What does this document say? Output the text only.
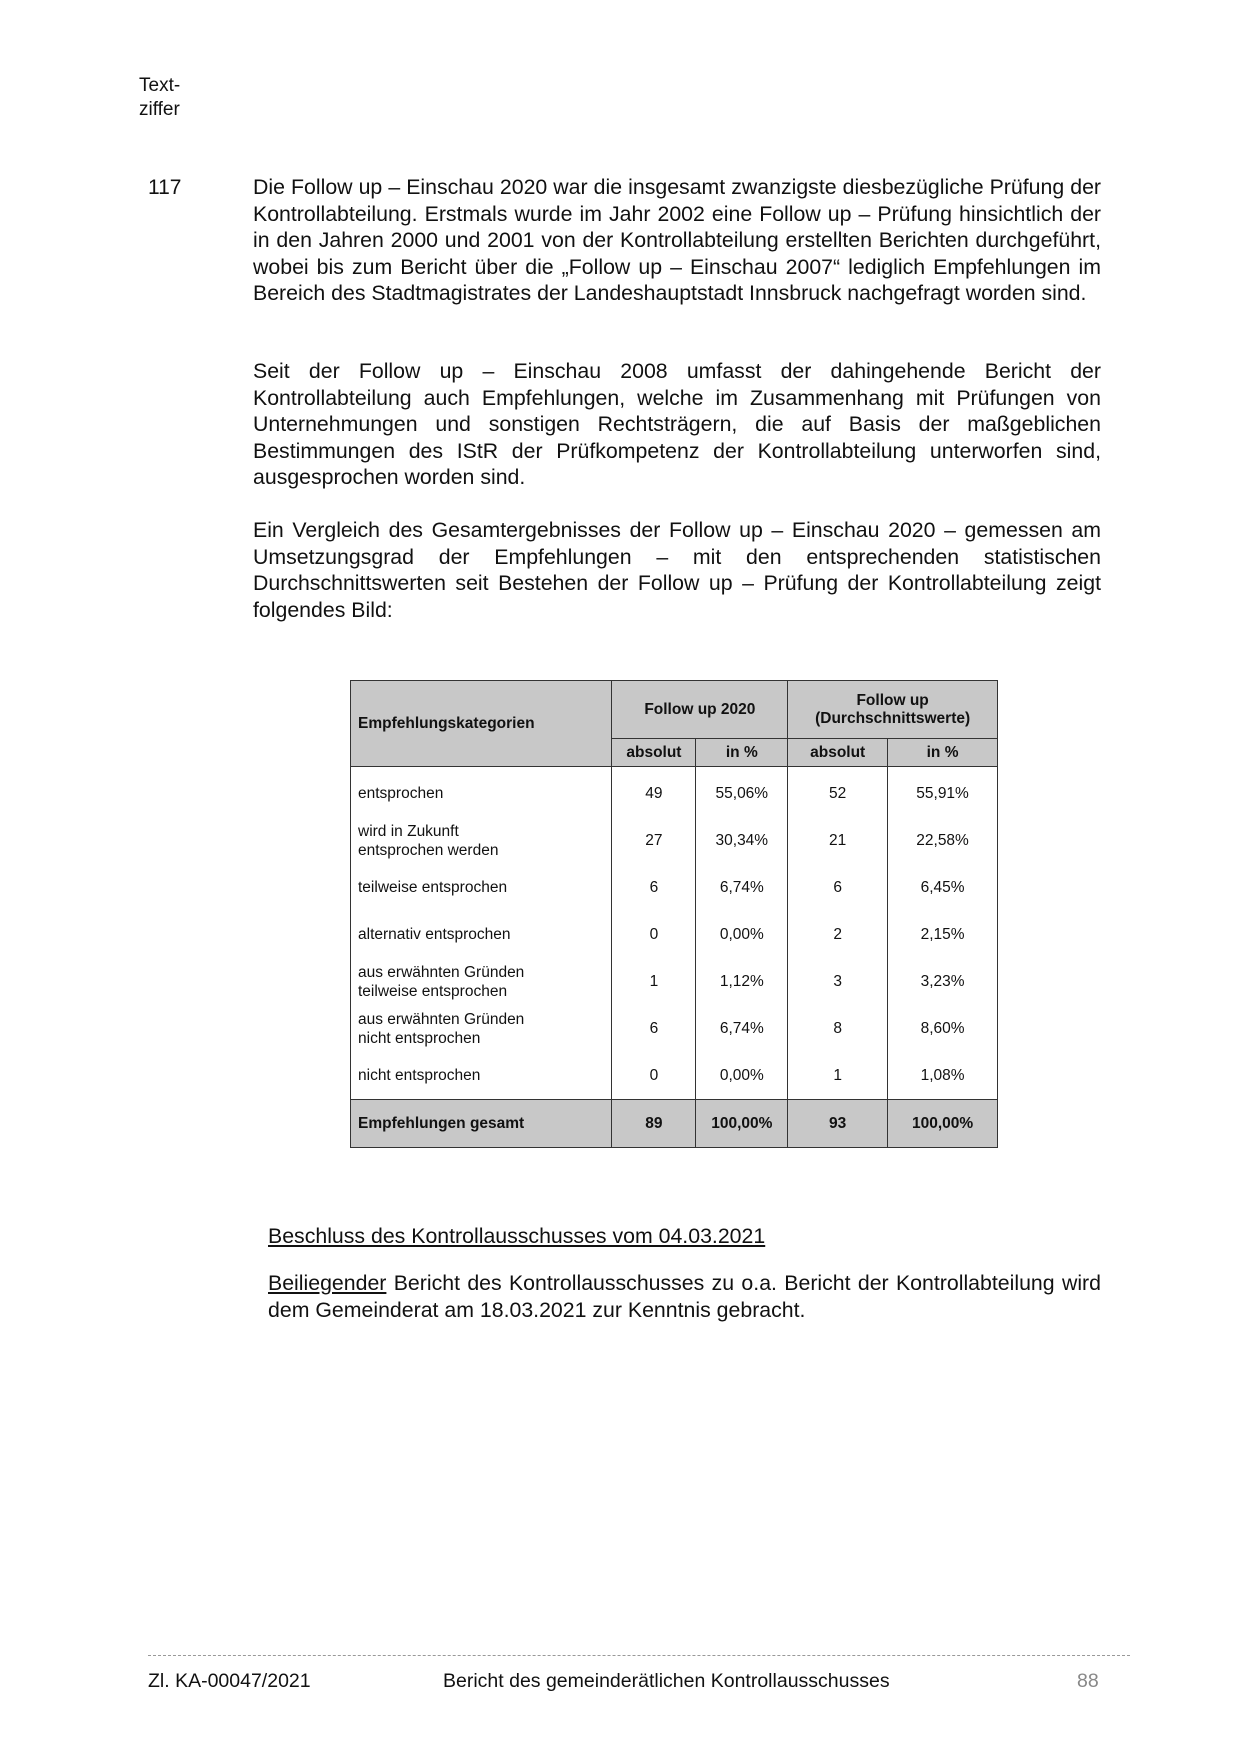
Text-
ziffer
117	Die Follow up – Einschau 2020 war die insgesamt zwanzigste diesbezügliche Prüfung der Kontrollabteilung. Erstmals wurde im Jahr 2002 eine Follow up – Prüfung hinsichtlich der in den Jahren 2000 und 2001 von der Kontrollabteilung erstellten Berichten durchgeführt, wobei bis zum Bericht über die „Follow up – Einschau 2007“ lediglich Empfehlungen im Bereich des Stadtmagistrates der Landeshauptstadt Innsbruck nachgefragt worden sind.
Seit der Follow up – Einschau 2008 umfasst der dahingehende Bericht der Kontrollabteilung auch Empfehlungen, welche im Zusammenhang mit Prüfungen von Unternehmungen und sonstigen Rechtsträgern, die auf Basis der maßgeblichen Bestimmungen des IStR der Prüfkompetenz der Kontrollabteilung unterworfen sind, ausgesprochen worden sind.
Ein Vergleich des Gesamtergebnisses der Follow up – Einschau 2020 – gemessen am Umsetzungsgrad der Empfehlungen – mit den entsprechenden statistischen Durchschnittswerten seit Bestehen der Follow up – Prüfung der Kontrollabteilung zeigt folgendes Bild:
Empfehlungskategorien	Follow up 2020		Follow up
(Durchschnittswerte)	
	absolut	in %	absolut	in %
entsprochen	49	55,06%	52	55,91%
wird in Zukunft
entsprochen werden	27	30,34%	21	22,58%
teilweise entsprochen	6	6,74%	6	6,45%
alternativ entsprochen	0	0,00%	2	2,15%
aus erwähnten Gründen
teilweise entsprochen	1	1,12%	3	3,23%
aus erwähnten Gründen
nicht entsprochen	6	6,74%	8	8,60%
nicht entsprochen	0	0,00%	1	1,08%
Empfehlungen gesamt	89	100,00%	93	100,00%
Beschluss des Kontrollausschusses vom 04.03.2021
Beiliegender Bericht des Kontrollausschusses zu o.a. Bericht der Kontrollabteilung wird dem Gemeinderat am 18.03.2021 zur Kenntnis gebracht.
Zl. KA-00047/2021	Bericht des gemeinderätlichen Kontrollausschusses	88
